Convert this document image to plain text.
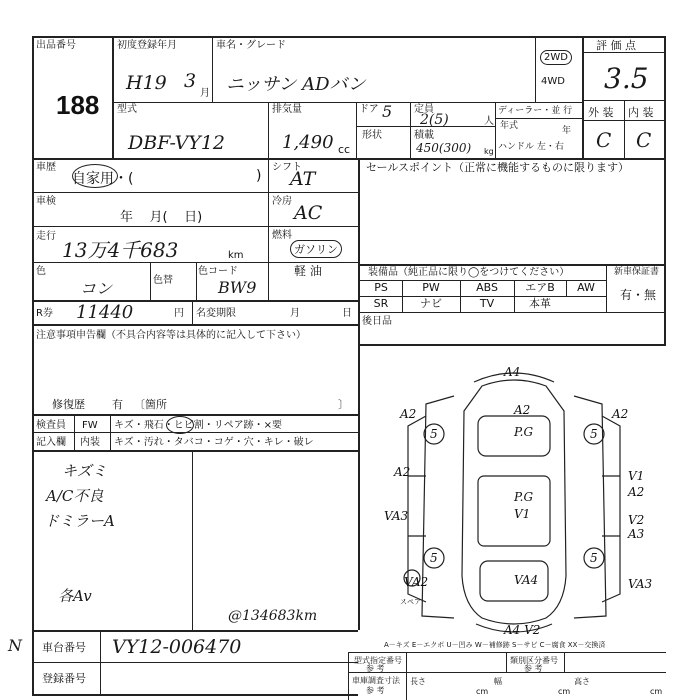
出品番号
188
初度登録年月
H19 3
月
車名・グレード
ニッサン ADバン
2WD
4WD
評 価 点
3.5
型式
DBF-VY12
排気量
1,490 cc
ドア 5 定員
2(5)	人
形状	積載
450(300) kg
ディーラー・並 行
年式	年
ハンドル 左・右
外 装 内 装
C C
車歴
自家用・(	)
シフト
AT
車検
年    月(    日)
冷房
AC
走行
13万4千683	km
燃料
ガソリン
軽 油
色
コン	色替
色コード
BW9
R券 11440	円 名変期限	月	日
セールスポイント（正常に機能するものに限ります）
装備品（純正品に限り◯をつけてください）	新車保証書
有・無
PS	PW	ABS	エアB	AW
SR	ナビ	TV	本革
後日品
注意事項申告欄（不具合内容等は具体的に記入して下さい）
修復歴 有 〔箇所	〕
検査員 FW キズ・飛石・ヒビ割・リペア跡・×要
記入欄 内装 キズ・汚れ・タバコ・コゲ・穴・キレ・破レ
キズミ
A/C不良
ドミラーA
各Av
@134683km
A4
A2	A2	A2
A2	V1
A2
VA3	V2
A3
VA2	VA4	VA3
A4 V2
P.G
P.G
V1
5	5
5	5
スペア
A－キズ E－エクボ U－凹み W－補修跡 S－サビ C－腐食 XX－交換済
N 車台番号 VY12-006470
登録番号
型式指定番号
参 考
類別区分番号
参 考
車庫調査寸法
参 考
長さ
cm
幅
cm
高さ
cm
